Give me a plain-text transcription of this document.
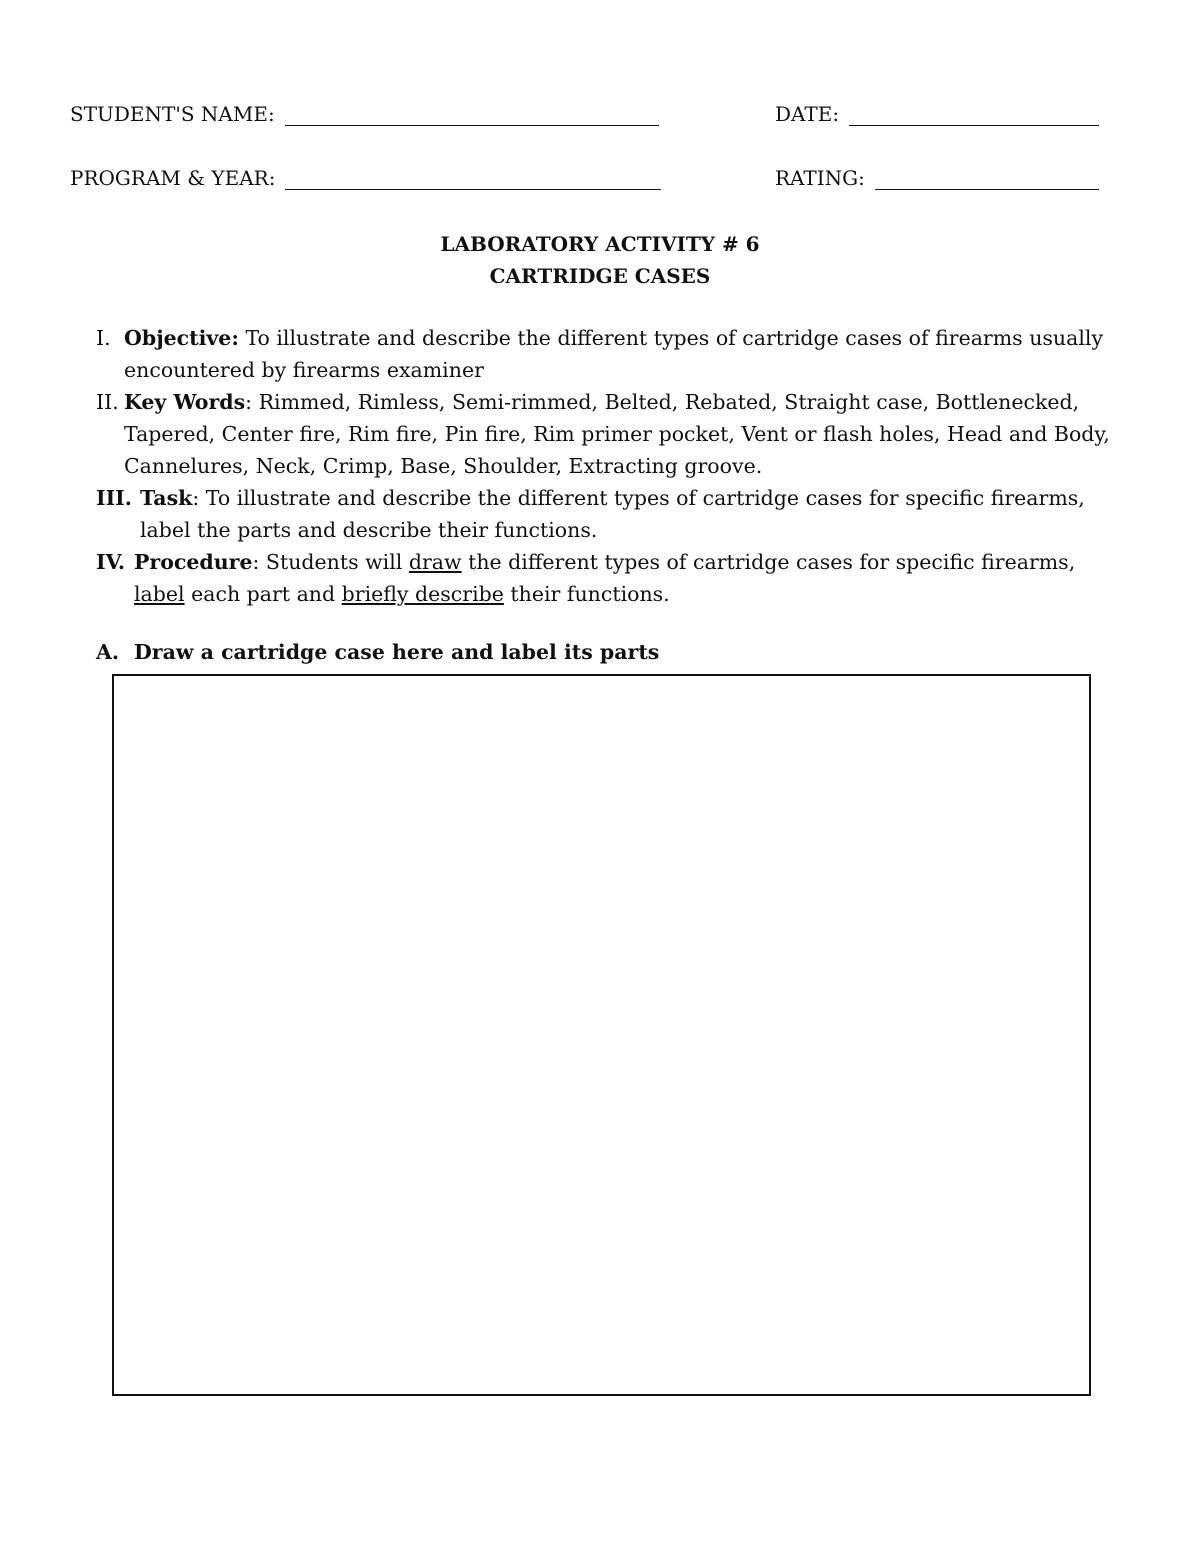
STUDENT'S NAME:	DATE:
PROGRAM & YEAR:	RATING:
LABORATORY ACTIVITY # 6
CARTRIDGE CASES
I. Objective: To illustrate and describe the different types of cartridge cases of firearms usually encountered by firearms examiner
II. Key Words: Rimmed, Rimless, Semi-rimmed, Belted, Rebated, Straight case, Bottlenecked, Tapered, Center fire, Rim fire, Pin fire, Rim primer pocket, Vent or flash holes, Head and Body, Cannelures, Neck, Crimp, Base, Shoulder, Extracting groove.
III. Task: To illustrate and describe the different types of cartridge cases for specific firearms, label the parts and describe their functions.
IV. Procedure: Students will draw the different types of cartridge cases for specific firearms, label each part and briefly describe their functions.
A. Draw a cartridge case here and label its parts
